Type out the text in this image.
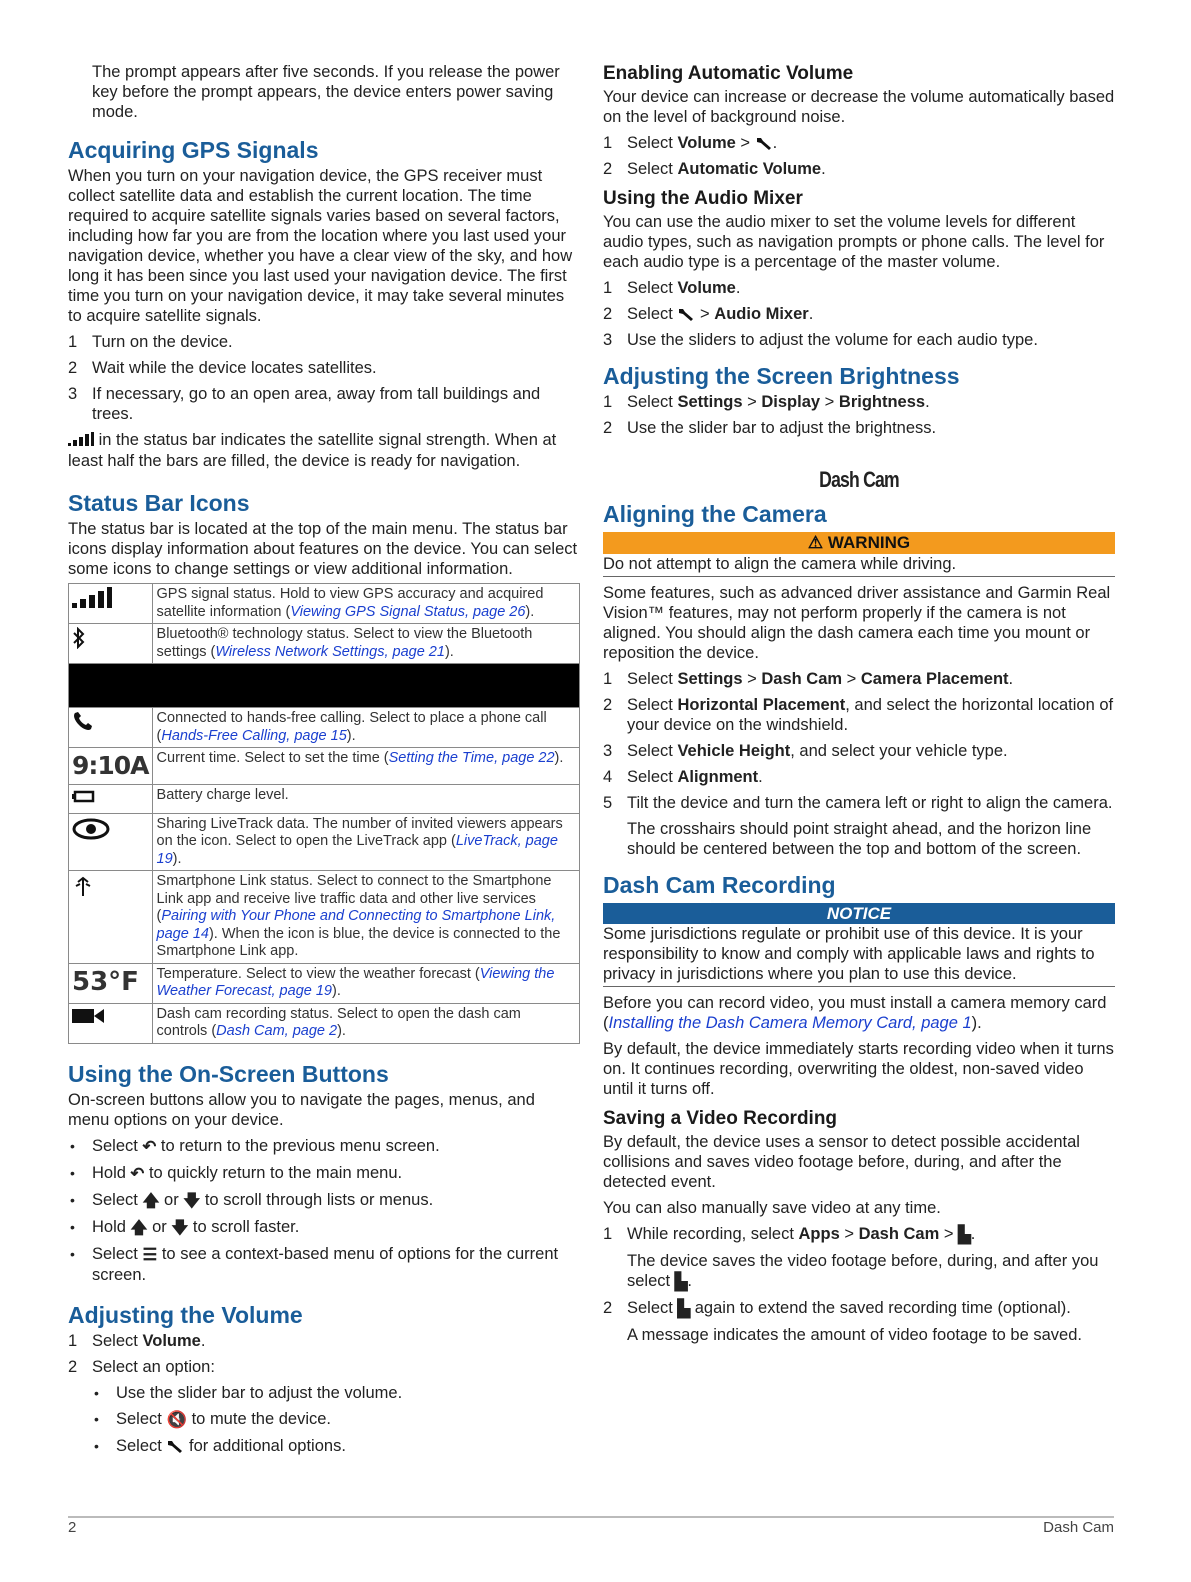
The prompt appears after five seconds. If you release the power key before the prompt appears, the device enters power saving mode.

Acquiring GPS Signals

When you turn on your navigation device, the GPS receiver must collect satellite data and establish the current location. The time required to acquire satellite signals varies based on several factors, including how far you are from the location where you last used your navigation device, whether you have a clear view of the sky, and how long it has been since you last used your navigation device. The first time you turn on your navigation device, it may take several minutes to acquire satellite signals.

1 Turn on the device.
2 Wait while the device locates satellites.
3 If necessary, go to an open area, away from tall buildings and trees.

in the status bar indicates the satellite signal strength. When at least half the bars are filled, the device is ready for navigation.

Status Bar Icons

The status bar is located at the top of the main menu. The status bar icons display information about features on the device. You can select some icons to change settings or view additional information.

	GPS signal status. Hold to view GPS accuracy and acquired satellite information (Viewing GPS Signal Status, page 26).
	Bluetooth® technology status. Select to view the Bluetooth settings (Wireless Network Settings, page 21).

	Connected to hands-free calling. Select to place a phone call (Hands-Free Calling, page 15).
9:10A	Current time. Select to set the time (Setting the Time, page 22).
	Battery charge level.
	Sharing LiveTrack data. The number of invited viewers appears on the icon. Select to open the LiveTrack app (LiveTrack, page 19).
	Smartphone Link status. Select to connect to the Smartphone Link app and receive live traffic data and other live services (Pairing with Your Phone and Connecting to Smartphone Link, page 14). When the icon is blue, the device is connected to the Smartphone Link app.
53°F	Temperature. Select to view the weather forecast (Viewing the Weather Forecast, page 19).
	Dash cam recording status. Select to open the dash cam controls (Dash Cam, page 2).
Using the On-Screen Buttons

On-screen buttons allow you to navigate the pages, menus, and menu options on your device.

• Select ↶ to return to the previous menu screen.
• Hold ↶ to quickly return to the main menu.
• Select 🡅 or 🡇 to scroll through lists or menus.
• Hold 🡅 or 🡇 to scroll faster.
• Select ☰ to see a context-based menu of options for the current screen.
Adjusting the Volume
1 Select Volume.
2 Select an option:
• Use the slider bar to adjust the volume.
• Select 🔇 to mute the device.
• Select for additional options.
Enabling Automatic Volume

Your device can increase or decrease the volume automatically based on the level of background noise.

1 Select Volume > .
2 Select Automatic Volume.
Using the Audio Mixer

You can use the audio mixer to set the volume levels for different audio types, such as navigation prompts or phone calls. The level for each audio type is a percentage of the master volume.

1 Select Volume.
2 Select > Audio Mixer.
3 Use the sliders to adjust the volume for each audio type.
Adjusting the Screen Brightness
1 Select Settings > Display > Brightness.
2 Use the slider bar to adjust the brightness.
Dash Cam
Aligning the Camera
⚠ WARNING

Do not attempt to align the camera while driving.

Some features, such as advanced driver assistance and Garmin Real Vision™ features, may not perform properly if the camera is not aligned. You should align the dash camera each time you mount or reposition the device.

1 Select Settings > Dash Cam > Camera Placement.
2 Select Horizontal Placement, and select the horizontal location of your device on the windshield.
3 Select Vehicle Height, and select your vehicle type.
4 Select Alignment.
5 Tilt the device and turn the camera left or right to align the camera.

The crosshairs should point straight ahead, and the horizon line should be centered between the top and bottom of the screen.

Dash Cam Recording
NOTICE

Some jurisdictions regulate or prohibit use of this device. It is your responsibility to know and comply with applicable laws and rights to privacy in jurisdictions where you plan to use this device.

Before you can record video, you must install a camera memory card (Installing the Dash Camera Memory Card, page 1).

By default, the device immediately starts recording video when it turns on. It continues recording, overwriting the oldest, non-saved video until it turns off.

Saving a Video Recording

By default, the device uses a sensor to detect possible accidental collisions and saves video footage before, during, and after the detected event.

You can also manually save video at any time.

1 While recording, select Apps > Dash Cam > ▙.

The device saves the video footage before, during, and after you select ▙.

2 Select ▙ again to extend the saved recording time (optional).

A message indicates the amount of video footage to be saved.

2	Dash Cam
